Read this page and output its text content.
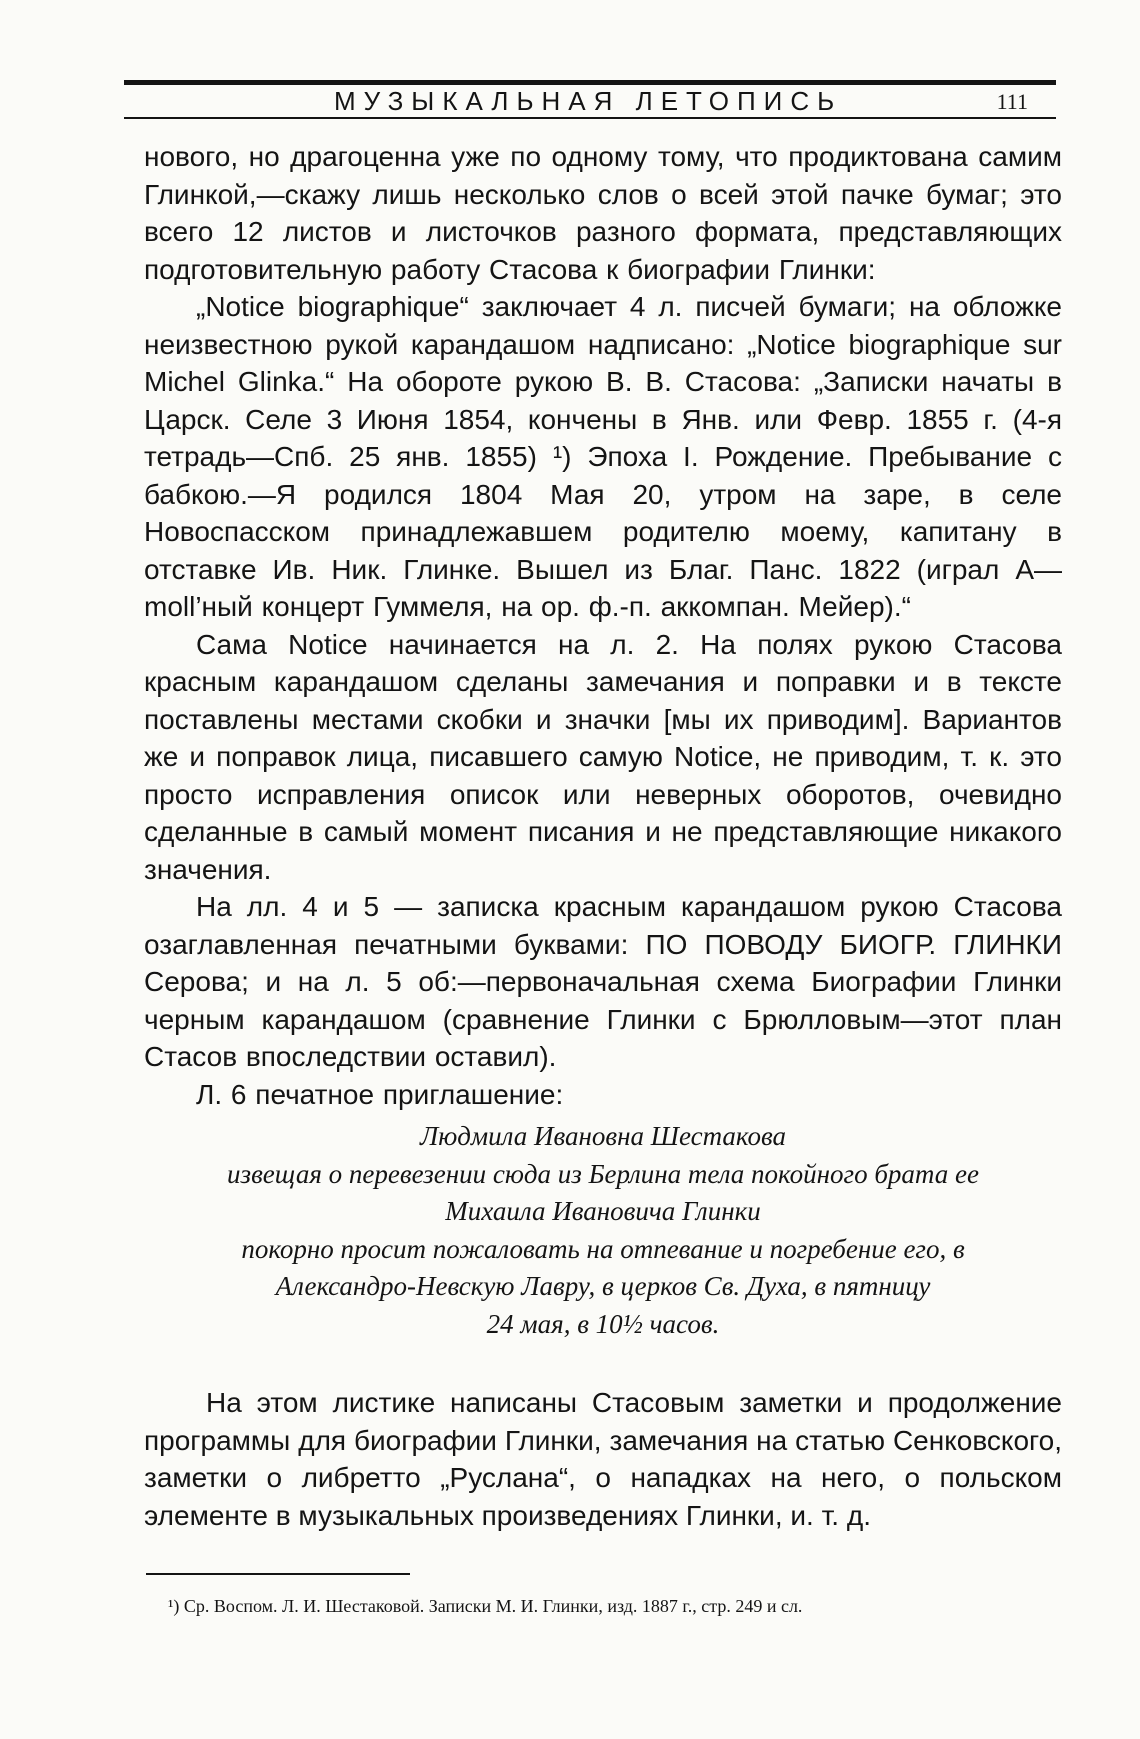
МУЗЫКАЛЬНАЯ ЛЕТОПИСЬ	111

нового, но драгоценна уже по одному тому, что продиктована самим Глинкой,—скажу лишь несколько слов о всей этой пачке бумаг; это всего 12 листов и листочков разного формата, представляющих подготовительную работу Стасова к биографии Глинки:

„Notice biographique“ заключает 4 л. писчей бумаги; на обложке неизвестною рукой карандашом надписано: „Notice biographique sur Michel Glinka.“ На обороте рукою В. В. Стасова: „Записки начаты в Царск. Селе 3 Июня 1854, кончены в Янв. или Февр. 1855 г. (4-я тетрадь—Спб. 25 янв. 1855) ¹) Эпоха I. Рождение. Пребывание с бабкою.—Я родился 1804 Мая 20, утром на заре, в селе Новоспасском принадлежавшем родителю моему, капитану в отставке Ив. Ник. Глинке. Вышел из Благ. Панс. 1822 (играл A—moll’ный концерт Гуммеля, на ор. ф.-п. аккомпан. Мейер).“

Сама Notice начинается на л. 2. На полях рукою Стасова красным карандашом сделаны замечания и поправки и в тексте поставлены местами скобки и значки [мы их приводим]. Вариантов же и поправок лица, писавшего самую Notice, не приводим, т. к. это просто исправления описок или неверных оборотов, очевидно сделанные в самый момент писания и не представляющие никакого значения.

На лл. 4 и 5 — записка красным карандашом рукою Стасова озаглавленная печатными буквами: ПО ПОВОДУ БИОГР. ГЛИНКИ Серова; и на л. 5 об:—первоначальная схема Биографии Глинки черным карандашом (сравнение Глинки с Брюлловым—этот план Стасов впоследствии оставил).

Л. 6 печатное приглашение:

Людмила Ивановна Шестакова
извещая о перевезении сюда из Берлина тела покойного брата ее
Михаила Ивановича Глинки
покорно просит пожаловать на отпевание и погребение его, в
Александро-Невскую Лавру, в церков Св. Духа, в пятницу
24 мая, в 10½ часов.

На этом листике написаны Стасовым заметки и продолжение программы для биографии Глинки, замечания на статью Сенковского, заметки о либретто „Руслана“, о нападках на него, о польском элементе в музыкальных произведениях Глинки, и. т. д.

¹) Ср. Воспом. Л. И. Шестаковой. Записки М. И. Глинки, изд. 1887 г., стр. 249 и сл.
